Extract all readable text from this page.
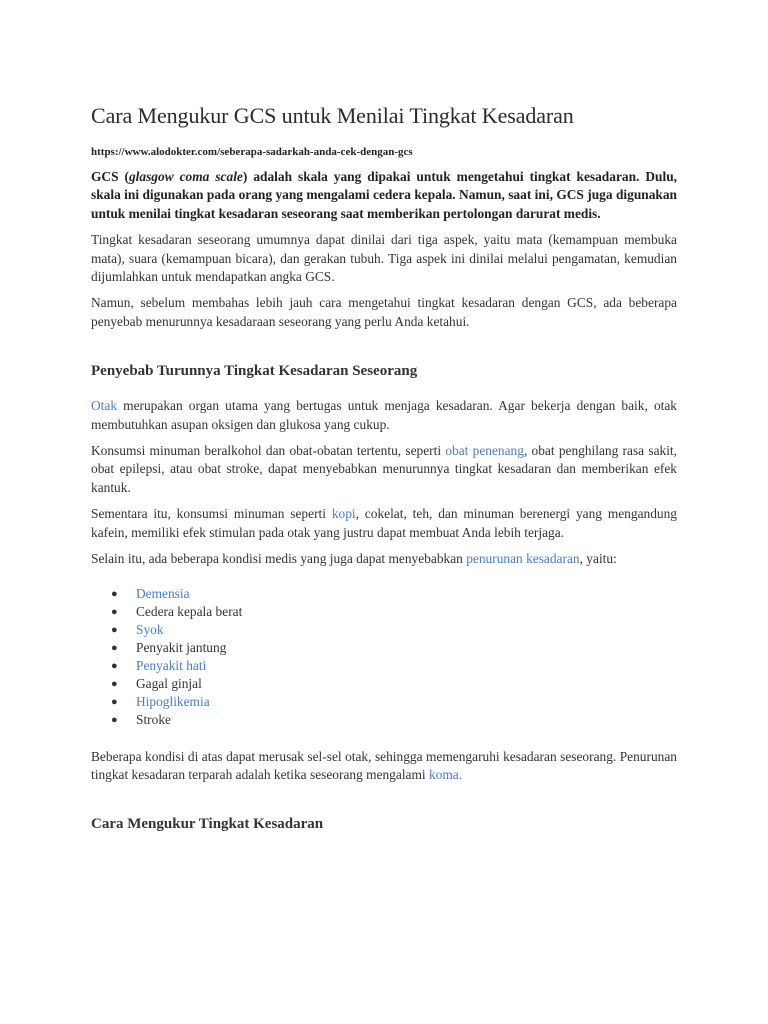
Cara Mengukur GCS untuk Menilai Tingkat Kesadaran
https://www.alodokter.com/seberapa-sadarkah-anda-cek-dengan-gcs

GCS (glasgow coma scale) adalah skala yang dipakai untuk mengetahui tingkat kesadaran. Dulu, skala ini digunakan pada orang yang mengalami cedera kepala. Namun, saat ini, GCS juga digunakan untuk menilai tingkat kesadaran seseorang saat memberikan pertolongan darurat medis.

Tingkat kesadaran seseorang umumnya dapat dinilai dari tiga aspek, yaitu mata (kemampuan membuka mata), suara (kemampuan bicara), dan gerakan tubuh. Tiga aspek ini dinilai melalui pengamatan, kemudian dijumlahkan untuk mendapatkan angka GCS.

Namun, sebelum membahas lebih jauh cara mengetahui tingkat kesadaran dengan GCS, ada beberapa penyebab menurunnya kesadaraan seseorang yang perlu Anda ketahui.

Penyebab Turunnya Tingkat Kesadaran Seseorang

Otak merupakan organ utama yang bertugas untuk menjaga kesadaran. Agar bekerja dengan baik, otak membutuhkan asupan oksigen dan glukosa yang cukup.

Konsumsi minuman beralkohol dan obat-obatan tertentu, seperti obat penenang, obat penghilang rasa sakit, obat epilepsi, atau obat stroke, dapat menyebabkan menurunnya tingkat kesadaran dan memberikan efek kantuk.

Sementara itu, konsumsi minuman seperti kopi, cokelat, teh, dan minuman berenergi yang mengandung kafein, memiliki efek stimulan pada otak yang justru dapat membuat Anda lebih terjaga.

Selain itu, ada beberapa kondisi medis yang juga dapat menyebabkan penurunan kesadaran, yaitu:

● Demensia
● Cedera kepala berat
● Syok
● Penyakit jantung
● Penyakit hati
● Gagal ginjal
● Hipoglikemia
● Stroke

Beberapa kondisi di atas dapat merusak sel-sel otak, sehingga memengaruhi kesadaran seseorang. Penurunan tingkat kesadaran terparah adalah ketika seseorang mengalami koma.

Cara Mengukur Tingkat Kesadaran
